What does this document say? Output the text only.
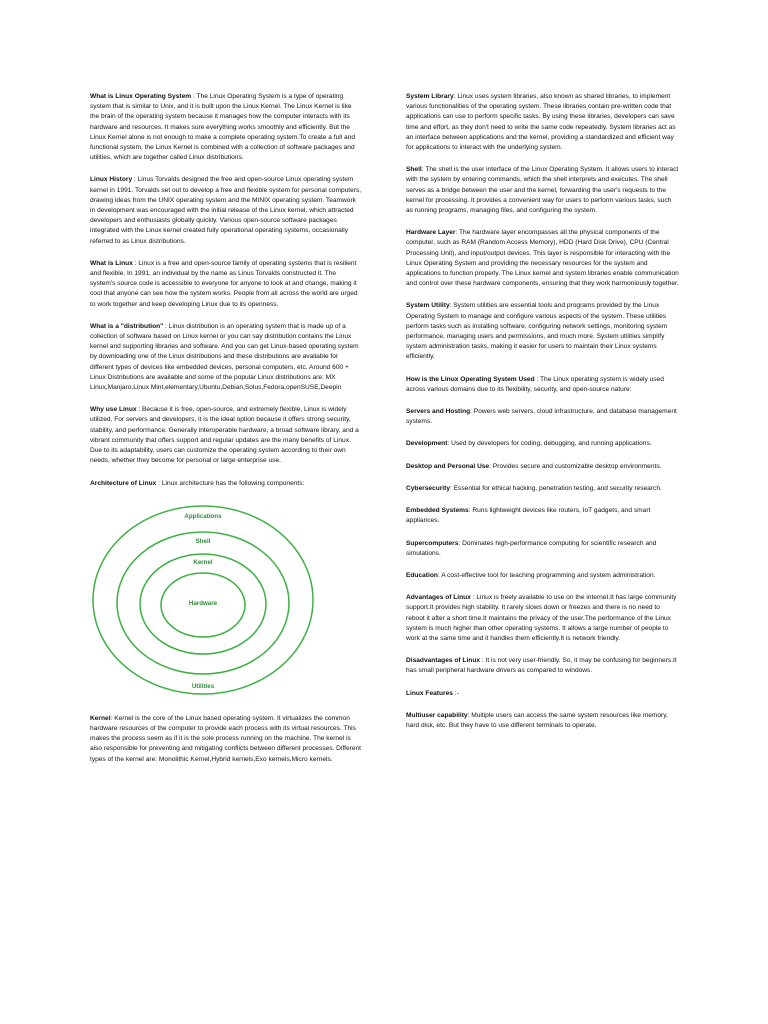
What is Linux Operating System : The Linux Operating System is a type of operating system that is similar to Unix, and it is built upon the Linux Kernel. The Linux Kernel is like the brain of the operating system because it manages how the computer interacts with its hardware and resources. It makes sure everything works smoothly and efficiently. But the Linux Kernel alone is not enough to make a complete operating system.To create a full and functional system, the Linux Kernel is combined with a collection of software packages and utilities, which are together called Linux distributions.

Linux History : Linus Torvalds designed the free and open-source Linux operating system kernel in 1991. Torvalds set out to develop a free and flexible system for personal computers, drawing ideas from the UNIX operating system and the MINIX operating system. Teamwork in development was encouraged with the initial release of the Linux kernel, which attracted developers and enthusiasts globally quickly. Various open-source software packages integrated with the Linux kernel created fully operational operating systems, occasionally referred to as Linux distributions.

What is Linux : Linux is a free and open-source family of operating systems that is resilient and flexible. In 1991, an individual by the name as Linus Torvalds constructed it. The system's source code is accessible to everyone for anyone to look at and change, making it cool that anyone can see how the system works. People from all across the world are urged to work together and keep developing Linux due to its openness.

What is a "distribution" : Linux distribution is an operating system that is made up of a collection of software based on Linux kernel or you can say distribution contains the Linux kernel and supporting libraries and software. And you can get Linux-based operating system by downloading one of the Linux distributions and these distributions are available for different types of devices like embedded devices, personal computers, etc. Around 600 + Linux Distributions are available and some of the popular Linux distributions are: MX Linux,Manjaro,Linux Mint,elementary,Ubuntu,Debian,Solus,Fedora,openSUSE,Deepin

Why use Linux : Because it is free, open-source, and extremely flexible, Linux is widely utilized. For servers and developers, it is the ideal option because it offers strong security, stability, and performance. Generally interoperable hardware, a broad software library, and a vibrant community that offers support and regular updates are the many benefits of Linux. Due to its adaptability, users can customize the operating system according to their own needs, whether they become for personal or large enterprise use.

Architecture of Linux : Linux architecture has the following components:

Applications
Shell
Kernel
Hardware
Utilities

Kernel: Kernel is the core of the Linux based operating system. It virtualizes the common hardware resources of the computer to provide each process with its virtual resources. This makes the process seem as if it is the sole process running on the machine. The kernel is also responsible for preventing and mitigating conflicts between different processes. Different types of the kernel are: Monolithic Kernel,Hybrid kernels,Exo kernels,Micro kernels.

System Library: Linux uses system libraries, also known as shared libraries, to implement various functionalities of the operating system. These libraries contain pre-written code that applications can use to perform specific tasks. By using these libraries, developers can save time and effort, as they don't need to write the same code repeatedly. System libraries act as an interface between applications and the kernel, providing a standardized and efficient way for applications to interact with the underlying system.

Shell: The shell is the user interface of the Linux Operating System. It allows users to interact with the system by entering commands, which the shell interprets and executes. The shell serves as a bridge between the user and the kernel, forwarding the user's requests to the kernel for processing. It provides a convenient way for users to perform various tasks, such as running programs, managing files, and configuring the system.

Hardware Layer: The hardware layer encompasses all the physical components of the computer, such as RAM (Random Access Memory), HDD (Hard Disk Drive), CPU (Central Processing Unit), and input/output devices. This layer is responsible for interacting with the Linux Operating System and providing the necessary resources for the system and applications to function properly. The Linux kernel and system libraries enable communication and control over these hardware components, ensuring that they work harmoniously together.

System Utility: System utilities are essential tools and programs provided by the Linux Operating System to manage and configure various aspects of the system. These utilities perform tasks such as installing software, configuring network settings, monitoring system performance, managing users and permissions, and much more. System utilities simplify system administration tasks, making it easier for users to maintain their Linux systems efficiently.

How is the Linux Operating System Used : The Linux operating system is widely used across various domains due to its flexibility, security, and open-source nature:

Servers and Hosting: Powers web servers, cloud infrastructure, and database management systems.

Development: Used by developers for coding, debugging, and running applications.

Desktop and Personal Use: Provides secure and customizable desktop environments.

Cybersecurity: Essential for ethical hacking, penetration testing, and security research.

Embedded Systems: Runs lightweight devices like routers, IoT gadgets, and smart appliances.

Supercomputers: Dominates high-performance computing for scientific research and simulations.

Education: A cost-effective tool for teaching programming and system administration.

Advantages of Linux : Linux is freely available to use on the internet.It has large community support.It provides high stability. It rarely slows down or freezes and there is no need to reboot it after a short time.It maintains the privacy of the user.The performance of the Linux system is much higher than other operating systems. It allows a large number of people to work at the same time and it handles them efficiently.It is network friendly.

Disadvantages of Linux : It is not very user-friendly. So, it may be confusing for beginners.It has small peripheral hardware drivers as compared to windows.

Linux Features :-

Multiuser capability: Multiple users can access the same system resources like memory, hard disk, etc. But they have to use different terminals to operate.
